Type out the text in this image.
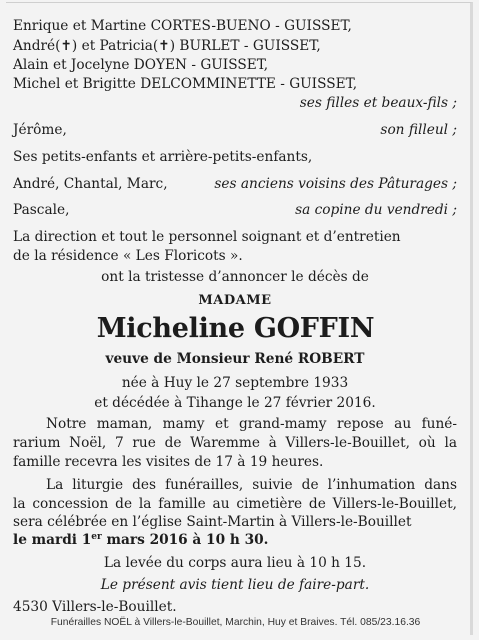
Enrique et Martine CORTES-BUENO - GUISSET,
André(✝) et Patricia(✝) BURLET - GUISSET,
Alain et Jocelyne DOYEN - GUISSET,
Michel et Brigitte DELCOMMINETTE - GUISSET,
ses filles et beaux-fils ;
Jérôme,	son filleul ;
Ses petits-enfants et arrière-petits-enfants,
André, Chantal, Marc,	ses anciens voisins des Pâturages ;
Pascale,	sa copine du vendredi ;
La direction et tout le personnel soignant et d’entretien
de la résidence « Les Floricots ».
ont la tristesse d’annoncer le décès de
MADAME
Micheline GOFFIN
veuve de Monsieur René ROBERT
née à Huy le 27 septembre 1933
et décédée à Tihange le 27 février 2016.
Notre maman, mamy et grand-mamy repose au funé-
rarium Noël, 7 rue de Waremme à Villers-le-Bouillet, où la
famille recevra les visites de 17 à 19 heures.
La liturgie des funérailles, suivie de l’inhumation dans
la concession de la famille au cimetière de Villers-le-Bouillet,
sera célébrée en l’église Saint-Martin à Villers-le-Bouillet
le mardi 1er mars 2016 à 10 h 30.
La levée du corps aura lieu à 10 h 15.
Le présent avis tient lieu de faire-part.
4530 Villers-le-Bouillet.
Funérailles NOËL à Villers-le-Bouillet, Marchin, Huy et Braives. Tél. 085/23.16.36
